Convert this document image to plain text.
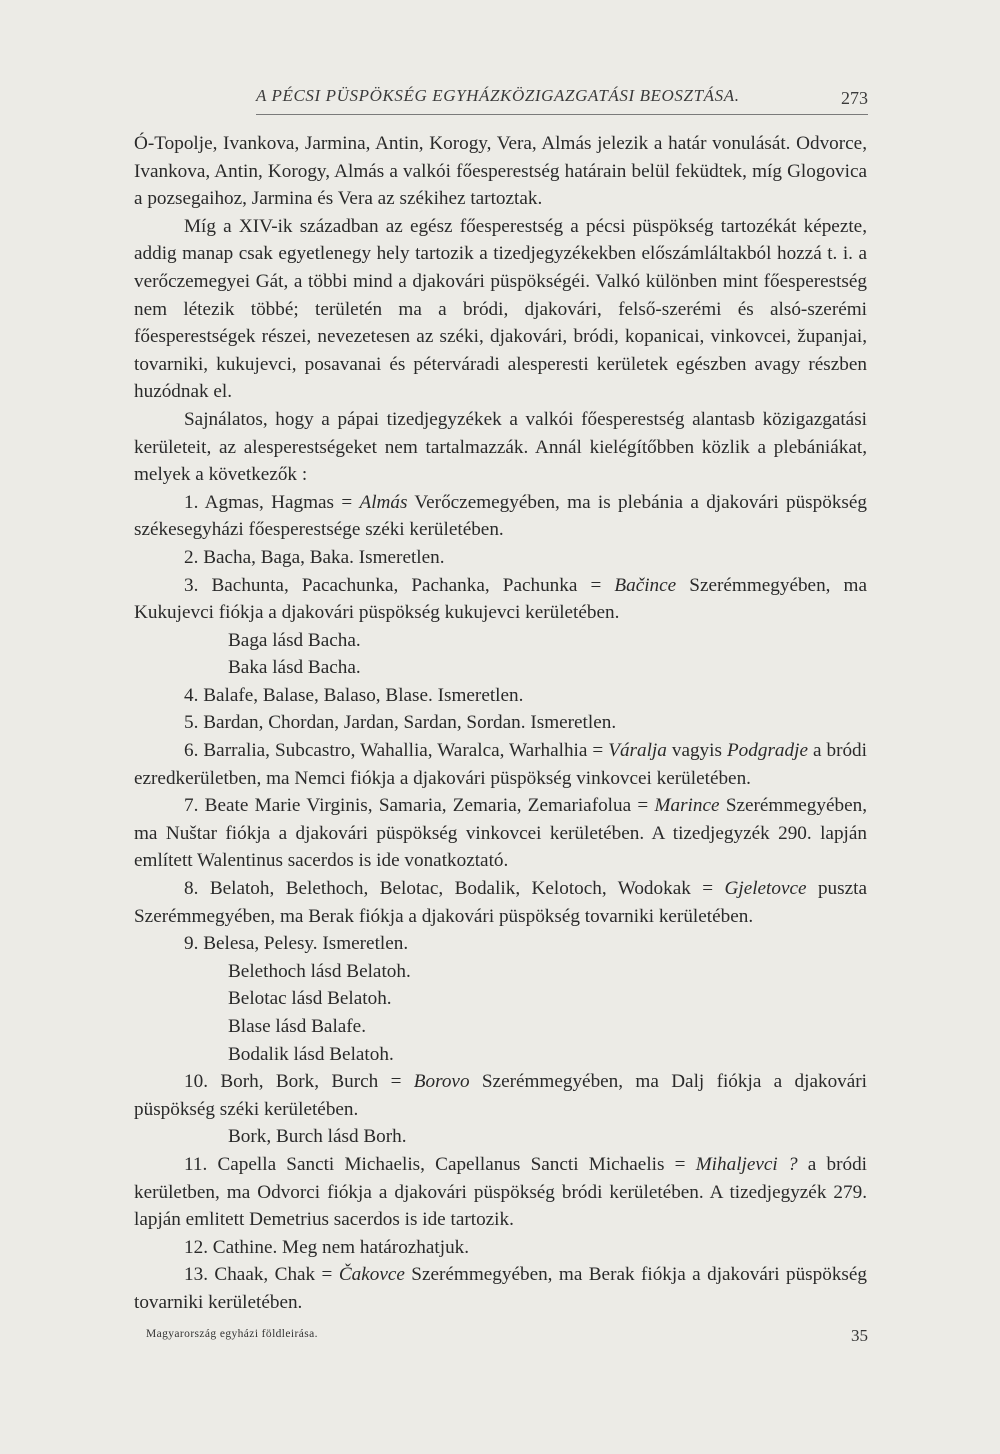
A PÉCSI PÜSPÖKSÉG EGYHÁZKÖZIGAZGATÁSI BEOSZTÁSA.	273

Ó-Topolje, Ivankova, Jarmina, Antin, Korogy, Vera, Almás jelezik a határ vonulását. Odvorce, Ivankova, Antin, Korogy, Almás a valkói főesperestség határain belül feküdtek, míg Glogovica a pozsegaihoz, Jarmina és Vera az székihez tartoztak.

Míg a XIV-ik században az egész főesperestség a pécsi püspökség tartozékát képezte, addig manap csak egyetlenegy hely tartozik a tizedjegyzékekben előszámláltakból hozzá t. i. a verőczemegyei Gát, a többi mind a djakovári püspökségéi. Valkó különben mint főesperestség nem létezik többé; területén ma a bródi, djakovári, felső-szerémi és alsó-szerémi főesperestségek részei, nevezetesen az széki, djakovári, bródi, kopanicai, vinkovcei, županjai, tovarniki, kukujevci, posavanai és péterváradi alesperesti kerületek egészben avagy részben huzódnak el.

Sajnálatos, hogy a pápai tizedjegyzékek a valkói főesperestség alantasb közigazgatási kerületeit, az alesperestségeket nem tartalmazzák. Annál kielégítőbben közlik a plebániákat, melyek a következők :

1. Agmas, Hagmas = Almás Verőczemegyében, ma is plebánia a djakovári püspökség székesegyházi főesperestsége széki kerületében.

2. Bacha, Baga, Baka. Ismeretlen.

3. Bachunta, Pacachunka, Pachanka, Pachunka = Bačince Szerémmegyében, ma Kukujevci fiókja a djakovári püspökség kukujevci kerületében.

Baga lásd Bacha.

Baka lásd Bacha.

4. Balafe, Balase, Balaso, Blase. Ismeretlen.

5. Bardan, Chordan, Jardan, Sardan, Sordan. Ismeretlen.

6. Barralia, Subcastro, Wahallia, Waralca, Warhalhia = Váralja vagyis Podgradje a bródi ezredkerületben, ma Nemci fiókja a djakovári püspökség vinkovcei kerületében.

7. Beate Marie Virginis, Samaria, Zemaria, Zemariafolua = Marince Szerémmegyében, ma Nuštar fiókja a djakovári püspökség vinkovcei kerületében. A tizedjegyzék 290. lapján említett Walentinus sacerdos is ide vonatkoztató.

8. Belatoh, Belethoch, Belotac, Bodalik, Kelotoch, Wodokak = Gjeletovce puszta Szerémmegyében, ma Berak fiókja a djakovári püspökség tovarniki kerületében.

9. Belesa, Pelesy. Ismeretlen.

Belethoch lásd Belatoh.

Belotac lásd Belatoh.

Blase lásd Balafe.

Bodalik lásd Belatoh.

10. Borh, Bork, Burch = Borovo Szerémmegyében, ma Dalj fiókja a djakovári püspökség széki kerületében.

Bork, Burch lásd Borh.

11. Capella Sancti Michaelis, Capellanus Sancti Michaelis = Mihaljevci ? a bródi kerületben, ma Odvorci fiókja a djakovári püspökség bródi kerületében. A tizedjegyzék 279. lapján emlitett Demetrius sacerdos is ide tartozik.

12. Cathine. Meg nem határozhatjuk.

13. Chaak, Chak = Čakovce Szerémmegyében, ma Berak fiókja a djakovári püspökség tovarniki kerületében.

Magyarország egyházi földleirása.	35
